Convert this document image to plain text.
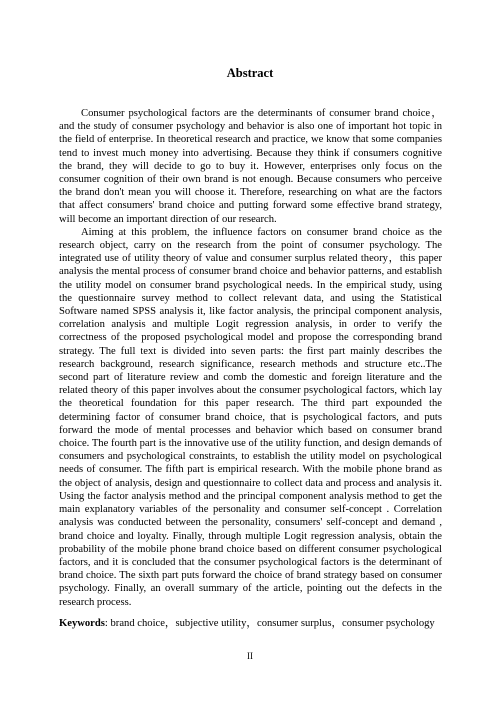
Abstract

Consumer psychological factors are the determinants of consumer brand choice， and the study of consumer psychology and behavior is also one of important hot topic in the field of enterprise. In theoretical research and practice, we know that some companies tend to invest much money into advertising. Because they think if consumers cognitive the brand, they will decide to go to buy it. However, enterprises only focus on the consumer cognition of their own brand is not enough. Because consumers who perceive the brand don't mean you will choose it. Therefore, researching on what are the factors that affect consumers' brand choice and putting forward some effective brand strategy, will become an important direction of our research.

Aiming at this problem, the influence factors on consumer brand choice as the research object, carry on the research from the point of consumer psychology. The integrated use of utility theory of value and consumer surplus related theory，this paper analysis the mental process of consumer brand choice and behavior patterns, and establish the utility model on consumer brand psychological needs. In the empirical study, using the questionnaire survey method to collect relevant data, and using the Statistical Software named SPSS analysis it, like factor analysis, the principal component analysis, correlation analysis and multiple Logit regression analysis, in order to verify the correctness of the proposed psychological model and propose the corresponding brand strategy. The full text is divided into seven parts: the first part mainly describes the research background, research significance, research methods and structure etc..The second part of literature review and comb the domestic and foreign literature and the related theory of this paper involves about the consumer psychological factors, which lay the theoretical foundation for this paper research. The third part expounded the determining factor of consumer brand choice, that is psychological factors, and puts forward the mode of mental processes and behavior which based on consumer brand choice. The fourth part is the innovative use of the utility function, and design demands of consumers and psychological constraints, to establish the utility model on psychological needs of consumer. The fifth part is empirical research. With the mobile phone brand as the object of analysis, design and questionnaire to collect data and process and analysis it. Using the factor analysis method and the principal component analysis method to get the main explanatory variables of the personality and consumer self-concept . Correlation analysis was conducted between the personality, consumers' self-concept and demand , brand choice and loyalty. Finally, through multiple Logit regression analysis, obtain the probability of the mobile phone brand choice based on different consumer psychological factors, and it is concluded that the consumer psychological factors is the determinant of brand choice. The sixth part puts forward the choice of brand strategy based on consumer psychology. Finally, an overall summary of the article, pointing out the defects in the research process.

Keywords: brand choice，subjective utility，consumer surplus，consumer psychology

II
